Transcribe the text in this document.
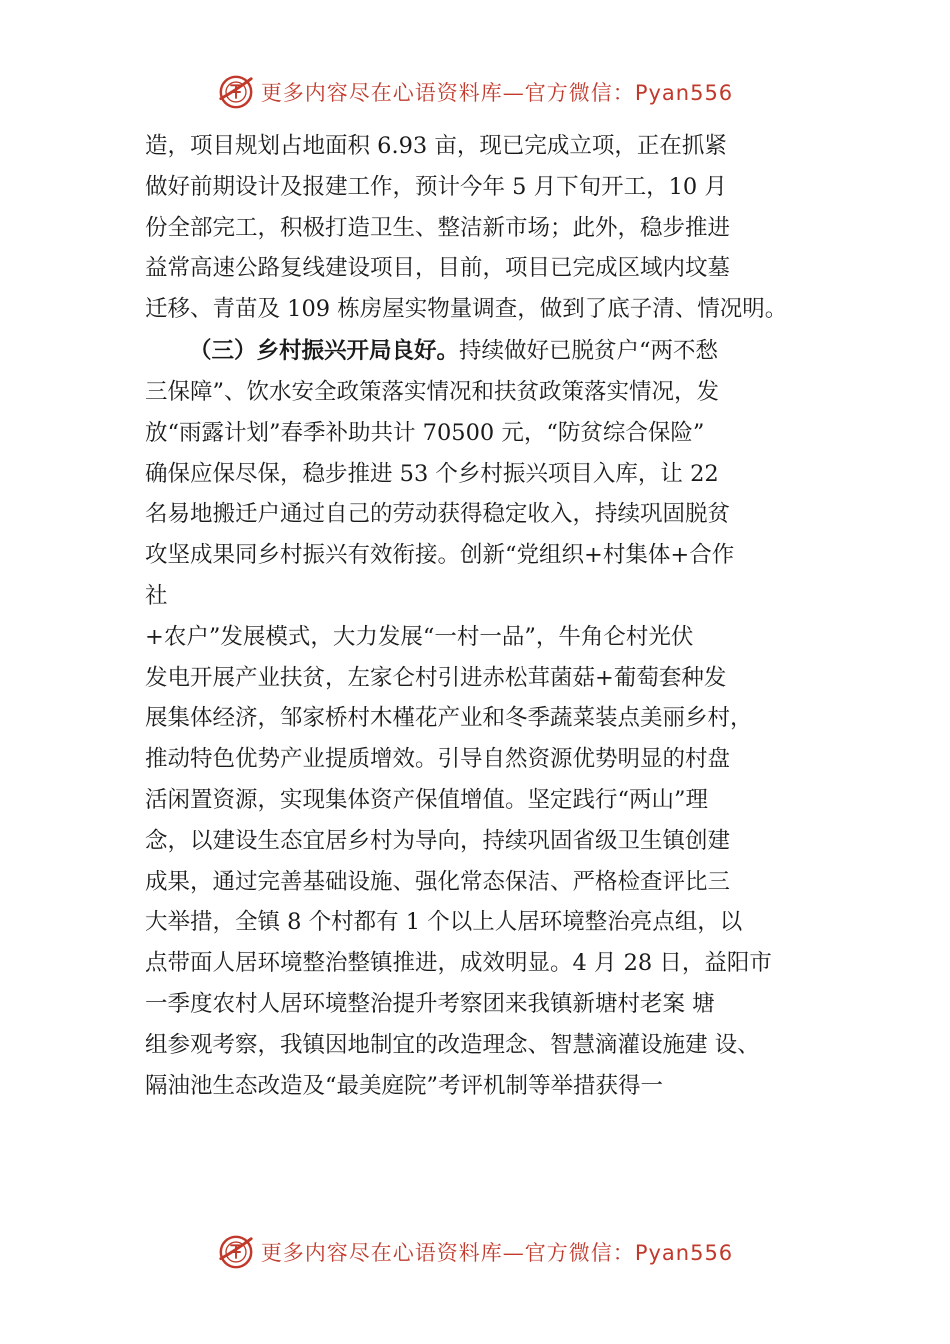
更多内容尽在心语资料库—官方微信：Pyan556
造，项目规划占地面积 6.93 亩，现已完成立项，正在抓紧
做好前期设计及报建工作，预计今年 5 月下旬开工，10 月
份全部完工，积极打造卫生、整洁新市场；此外，稳步推进
益常高速公路复线建设项目，目前，项目已完成区域内坟墓
迁移、青苗及 109 栋房屋实物量调查，做到了底子清、情况明。
（三）乡村振兴开局良好。持续做好已脱贫户“两不愁
三保障”、饮水安全政策落实情况和扶贫政策落实情况，发
放“雨露计划”春季补助共计 70500 元，“防贫综合保险”
确保应保尽保，稳步推进 53 个乡村振兴项目入库，让 22
名易地搬迁户通过自己的劳动获得稳定收入，持续巩固脱贫
攻坚成果同乡村振兴有效衔接。创新“党组织+村集体+合作
社
+农户”发展模式，大力发展“一村一品”，牛角仑村光伏
发电开展产业扶贫，左家仑村引进赤松茸菌菇+葡萄套种发
展集体经济，邹家桥村木槿花产业和冬季蔬菜装点美丽乡村，
推动特色优势产业提质增效。引导自然资源优势明显的村盘
活闲置资源，实现集体资产保值增值。坚定践行“两山”理
念，以建设生态宜居乡村为导向，持续巩固省级卫生镇创建
成果，通过完善基础设施、强化常态保洁、严格检查评比三
大举措，全镇 8 个村都有 1 个以上人居环境整治亮点组，以
点带面人居环境整治整镇推进，成效明显。4 月 28 日，益阳市
一季度农村人居环境整治提升考察团来我镇新塘村老案 塘
组参观考察，我镇因地制宜的改造理念、智慧滴灌设施建 设、
隔油池生态改造及“最美庭院”考评机制等举措获得一
更多内容尽在心语资料库—官方微信：Pyan556
